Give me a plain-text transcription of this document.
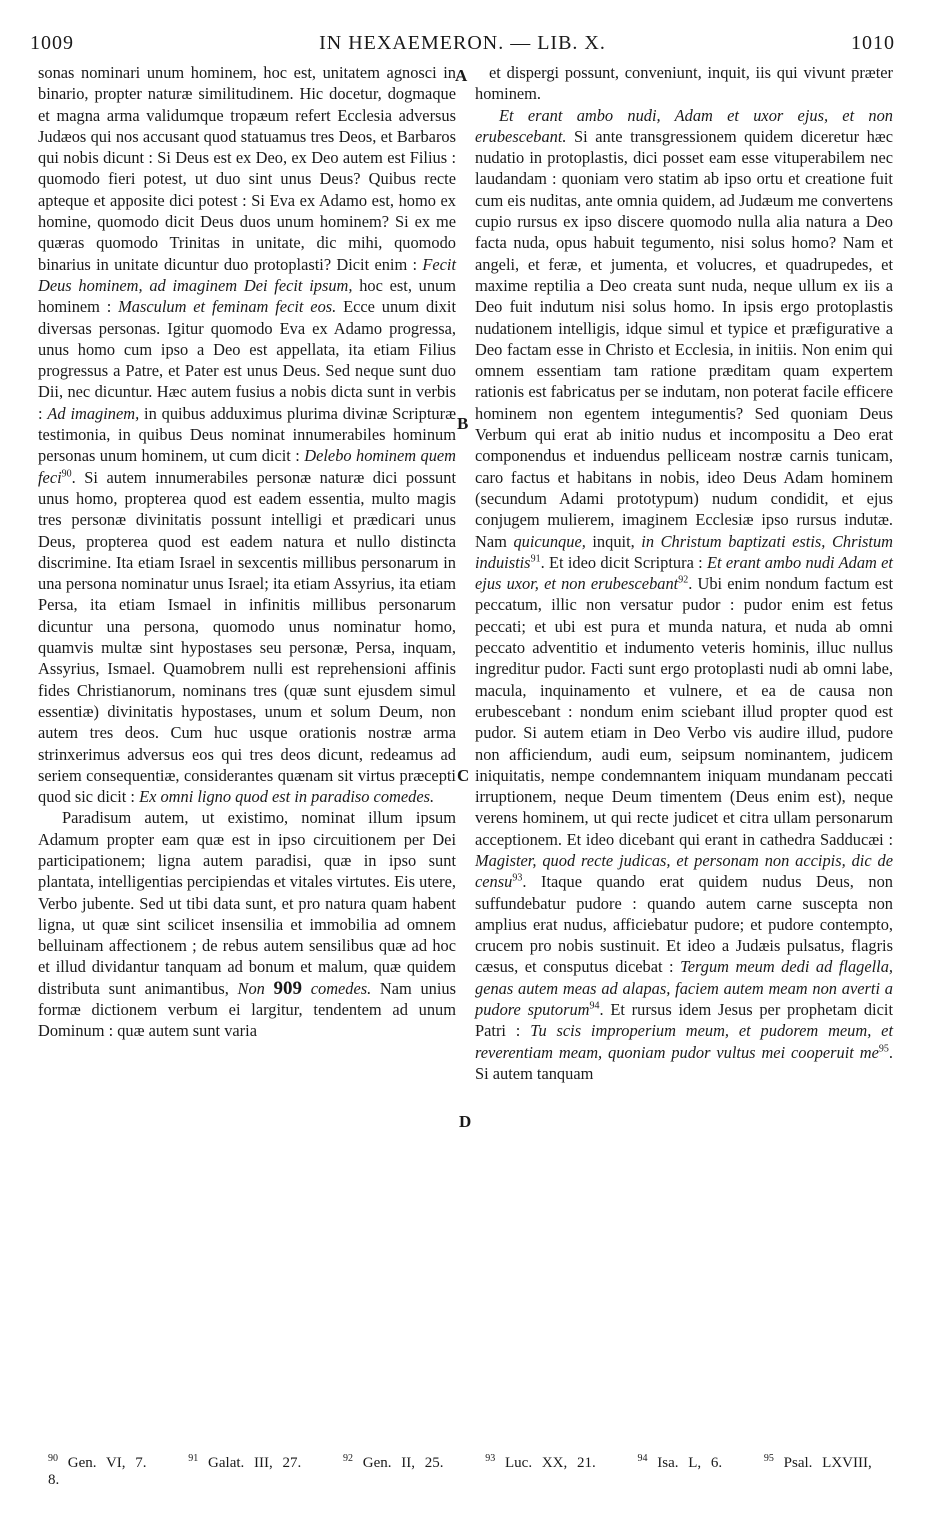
1009	IN HEXAEMERON. — LIB. X.	1010
A
B
C
D

sonas nominari unum hominem, hoc est, unitatem agnosci in binario, propter naturæ similitudinem. Hic docetur, dogmaque et magna arma validumque tropæum refert Ecclesia adversus Judæos qui nos accusant quod statuamus tres Deos, et Barbaros qui nobis dicunt : Si Deus est ex Deo, ex Deo autem est Filius : quomodo fieri potest, ut duo sint unus Deus? Quibus recte apteque et apposite dici potest : Si Eva ex Adamo est, homo ex homine, quomodo dicit Deus duos unum hominem? Si ex me quæras quomodo Trinitas in unitate, dic mihi, quomodo binarius in unitate dicuntur duo protoplasti? Dicit enim : Fecit Deus hominem, ad imaginem Dei fecit ipsum, hoc est, unum hominem : Masculum et feminam fecit eos. Ecce unum dixit diversas personas. Igitur quomodo Eva ex Adamo progressa, unus homo cum ipso a Deo est appellata, ita etiam Filius progressus a Patre, et Pater est unus Deus. Sed neque sunt duo Dii, nec dicuntur. Hæc autem fusius a nobis dicta sunt in verbis : Ad imaginem, in quibus adduximus plurima divinæ Scripturæ testimonia, in quibus Deus nominat innumerabiles hominum personas unum hominem, ut cum dicit : Delebo hominem quem feci$^{90}$. Si autem innumerabiles personæ naturæ dici possunt unus homo, propterea quod est eadem essentia, multo magis tres personæ divinitatis possunt intelligi et prædicari unus Deus, propterea quod est eadem natura et nullo distincta discrimine. Ita etiam Israel in sexcentis millibus personarum in una persona nominatur unus Israel; ita etiam Assyrius, ita etiam Persa, ita etiam Ismael in infinitis millibus personarum dicuntur una persona, quomodo unus nominatur homo, quamvis multæ sint hypostases seu personæ, Persa, inquam, Assyrius, Ismael. Quamobrem nulli est reprehensioni affinis fides Christianorum, nominans tres (quæ sunt ejusdem simul essentiæ) divinitatis hypostases, unum et solum Deum, non autem tres deos. Cum huc usque orationis nostræ arma strinxerimus adversus eos qui tres deos dicunt, redeamus ad seriem consequentiæ, considerantes quænam sit virtus præcepti quod sic dicit : Ex omni ligno quod est in paradiso comedes.

Paradisum autem, ut existimo, nominat illum ipsum Adamum propter eam quæ est in ipso circuitionem per Dei participationem; ligna autem paradisi, quæ in ipso sunt plantata, intelligentias percipiendas et vitales virtutes. Eis utere, Verbo jubente. Sed ut tibi data sunt, et pro natura quam habent ligna, ut quæ sint scilicet insensilia et immobilia ad omnem belluinam affectionem ; de rebus autem sensilibus quæ ad hoc et illud dividantur tanquam ad bonum et malum, quæ quidem distributa sunt animantibus, Non 909 comedes. Nam unius formæ dictionem verbum ei largitur, tendentem ad unum Dominum : quæ autem sunt varia

et dispergi possunt, conveniunt, inquit, iis qui vivunt præter hominem.

Et erant ambo nudi, Adam et uxor ejus, et non erubescebant. Si ante transgressionem quidem diceretur hæc nudatio in protoplastis, dici posset eam esse vituperabilem nec laudandam : quoniam vero statim ab ipso ortu et creatione fuit cum eis nuditas, ante omnia quidem, ad Judæum me convertens cupio rursus ex ipso discere quomodo nulla alia natura a Deo facta nuda, opus habuit tegumento, nisi solus homo? Nam et angeli, et feræ, et jumenta, et volucres, et quadrupedes, et maxime reptilia a Deo creata sunt nuda, neque ullum ex iis a Deo fuit indutum nisi solus homo. In ipsis ergo protoplastis nudationem intelligis, idque simul et typice et præfigurative a Deo factam esse in Christo et Ecclesia, in initiis. Non enim qui omnem essentiam tam ratione præditam quam expertem rationis est fabricatus per se indutam, non poterat facile efficere hominem non egentem integumentis? Sed quoniam Deus Verbum qui erat ab initio nudus et incompositu a Deo erat componendus et induendus pelliceam nostræ carnis tunicam, caro factus et habitans in nobis, ideo Deus Adam hominem (secundum Adami prototypum) nudum condidit, et ejus conjugem mulierem, imaginem Ecclesiæ ipso rursus indutæ. Nam quicunque, inquit, in Christum baptizati estis, Christum induistis$^{91}$. Et ideo dicit Scriptura : Et erant ambo nudi Adam et ejus uxor, et non erubescebant$^{92}$. Ubi enim nondum factum est peccatum, illic non versatur pudor : pudor enim est fetus peccati; et ubi est pura et munda natura, et nuda ab omni peccato adventitio et indumento veteris hominis, illuc nullus ingreditur pudor. Facti sunt ergo protoplasti nudi ab omni labe, macula, inquinamento et vulnere, et ea de causa non erubescebant : nondum enim sciebant illud propter quod est pudor. Si autem etiam in Deo Verbo vis audire illud, pudore non afficiendum, audi eum, seipsum nominantem, judicem iniquitatis, nempe condemnantem iniquam mundanam peccati irruptionem, neque Deum timentem (Deus enim est), neque verens hominem, ut qui recte judicet et citra ullam personarum acceptionem. Et ideo dicebant qui erant in cathedra Sadducæi : Magister, quod recte judicas, et personam non accipis, dic de censu$^{93}$. Itaque quando erat quidem nudus Deus, non suffundebatur pudore : quando autem carne suscepta non amplius erat nudus, afficiebatur pudore; et pudore contempto, crucem pro nobis sustinuit. Et ideo a Judæis pulsatus, flagris cæsus, et consputus dicebat : Tergum meum dedi ad flagella, genas autem meas ad alapas, faciem autem meam non averti a pudore sputorum$^{94}$. Et rursus idem Jesus per prophetam dicit Patri : Tu scis improperium meum, et pudorem meum, et reverentiam meam, quoniam pudor vultus mei cooperuit $me^{95}$. Si autem tanquam

$^{90}$ Gen. VI, 7.	$^{91}$ Galat. III, 27.	$^{92}$ Gen. II, 25.	$^{93}$ Luc. XX, 21.	$^{94}$ Isa. L, 6.	$^{95}$ Psal. LXVIII, 8.
